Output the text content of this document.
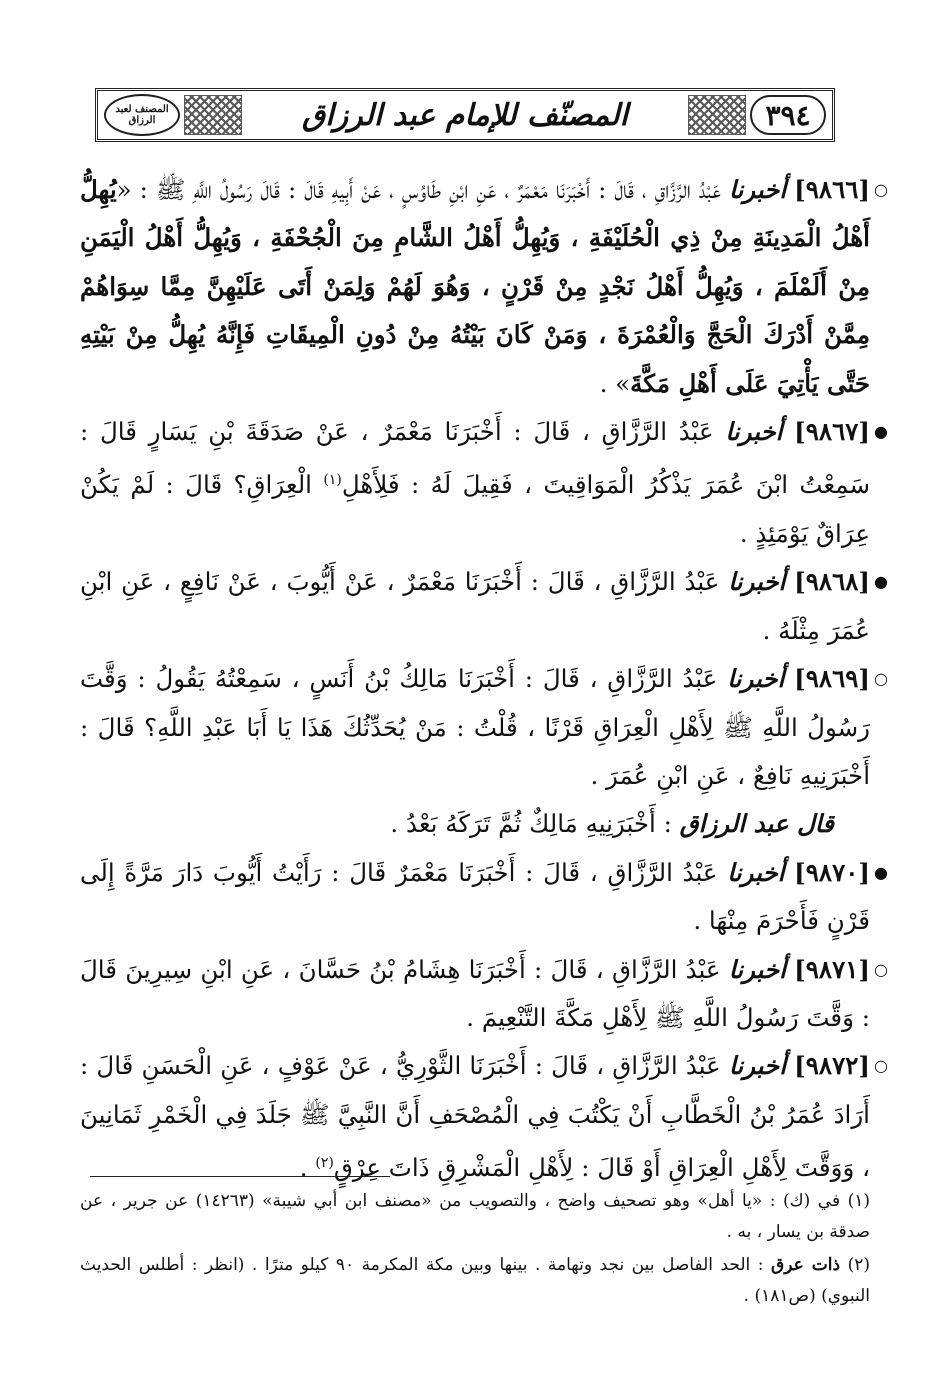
٣٩٤
المصنّف للإمام عبد الرزاق
المصنف لعبد الرزاق

○
[٩٨٦٦] أخبرنا عَبْدُ الرَّزَّاقِ ، قَالَ : أَخْبَرَنَا مَعْمَرٌ ، عَنِ ابْنِ طَاوُسٍ ، عَنْ أَبِيهِ قَالَ : قَالَ رَسُولُ اللَّهِ ﷺ : «يُهِلُّ أَهْلُ الْمَدِينَةِ مِنْ ذِي الْحُلَيْفَةِ ، وَيُهِلُّ أَهْلُ الشَّامِ مِنَ الْجُحْفَةِ ، وَيُهِلُّ أَهْلُ الْيَمَنِ مِنْ أَلَمْلَمَ ، وَيُهِلُّ أَهْلُ نَجْدٍ مِنْ قَرْنٍ ، وَهُوَ لَهُمْ وَلِمَنْ أَتَى عَلَيْهِنَّ مِمَّا سِوَاهُمْ مِمَّنْ أَدْرَكَ الْحَجَّ وَالْعُمْرَةَ ، وَمَنْ كَانَ بَيْتُهُ مِنْ دُونِ الْمِيقَاتِ فَإِنَّهُ يُهِلُّ مِنْ بَيْتِهِ حَتَّى يَأْتِيَ عَلَى أَهْلِ مَكَّةَ» .

●
[٩٨٦٧] أخبرنا عَبْدُ الرَّزَّاقِ ، قَالَ : أَخْبَرَنَا مَعْمَرٌ ، عَنْ صَدَقَةَ بْنِ يَسَارٍ قَالَ : سَمِعْتُ ابْنَ عُمَرَ يَذْكُرُ الْمَوَاقِيتَ ، فَقِيلَ لَهُ : فَلِأَهْلِ$^{(١)}$ الْعِرَاقِ؟ قَالَ : لَمْ يَكُنْ عِرَاقٌ يَوْمَئِذٍ .

●
[٩٨٦٨] أخبرنا عَبْدُ الرَّزَّاقِ ، قَالَ : أَخْبَرَنَا مَعْمَرٌ ، عَنْ أَيُّوبَ ، عَنْ نَافِعٍ ، عَنِ ابْنِ عُمَرَ مِثْلَهُ .

○
[٩٨٦٩] أخبرنا عَبْدُ الرَّزَّاقِ ، قَالَ : أَخْبَرَنَا مَالِكُ بْنُ أَنَسٍ ، سَمِعْتُهُ يَقُولُ : وَقَّتَ رَسُولُ اللَّهِ ﷺ لِأَهْلِ الْعِرَاقِ قَرْنًا ، قُلْتُ : مَنْ يُحَدِّثُكَ هَذَا يَا أَبَا عَبْدِ اللَّهِ؟ قَالَ : أَخْبَرَنِيهِ نَافِعٌ ، عَنِ ابْنِ عُمَرَ .

قال عبد الرزاق : أَخْبَرَنِيهِ مَالِكٌ ثُمَّ تَرَكَهُ بَعْدُ .

●
[٩٨٧٠] أخبرنا عَبْدُ الرَّزَّاقِ ، قَالَ : أَخْبَرَنَا مَعْمَرٌ قَالَ : رَأَيْتُ أَيُّوبَ دَارَ مَرَّةً إِلَى قَرْنٍ فَأَحْرَمَ مِنْهَا .

○
[٩٨٧١] أخبرنا عَبْدُ الرَّزَّاقِ ، قَالَ : أَخْبَرَنَا هِشَامُ بْنُ حَسَّانَ ، عَنِ ابْنِ سِيرِينَ قَالَ : وَقَّتَ رَسُولُ اللَّهِ ﷺ لِأَهْلِ مَكَّةَ التَّنْعِيمَ .

○
[٩٨٧٢] أخبرنا عَبْدُ الرَّزَّاقِ ، قَالَ : أَخْبَرَنَا الثَّوْرِيُّ ، عَنْ عَوْفٍ ، عَنِ الْحَسَنِ قَالَ : أَرَادَ عُمَرُ بْنُ الْخَطَّابِ أَنْ يَكْتُبَ فِي الْمُصْحَفِ أَنَّ النَّبِيَّ ﷺ جَلَدَ فِي الْخَمْرِ ثَمَانِينَ ، وَوَقَّتَ لِأَهْلِ الْعِرَاقِ أَوْ قَالَ : لِأَهْلِ الْمَشْرِقِ ذَاتَ عِرْقٍ$^{(٢)}$ .

(١) في (ك) : «يا أهل» وهو تصحيف واضح ، والتصويب من «مصنف ابن أبي شيبة» (١٤٢٦٣) عن جرير ، عن صدقة بن يسار ، به .

(٢) ذات عرق : الحد الفاصل بين نجد وتهامة . بينها وبين مكة المكرمة ٩٠ كيلو مترًا . (انظر : أطلس الحديث النبوي) (ص١٨١) .
